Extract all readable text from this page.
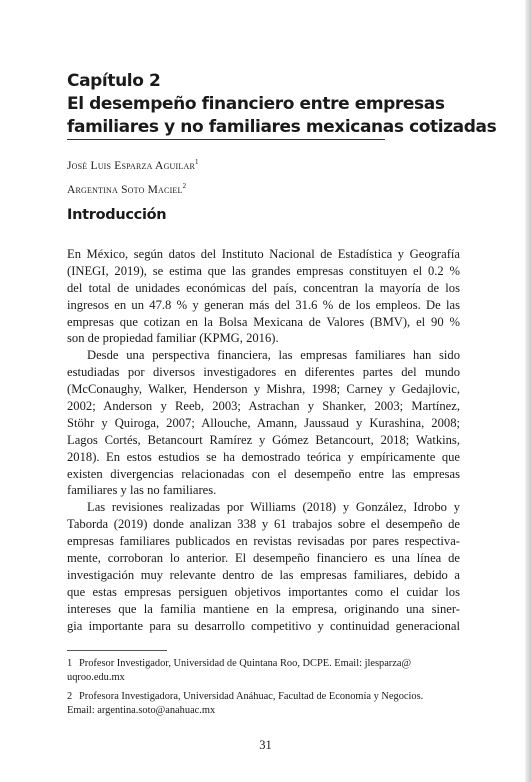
Capítulo 2
El desempeño financiero entre empresas
familiares y no familiares mexicanas cotizadas
José Luis Esparza Aguilar$^1$
Argentina Soto Maciel$^2$
Introducción
En México, según datos del Instituto Nacional de Estadística y Geografía
(INEGI, 2019), se estima que las grandes empresas constituyen el 0.2 %
del total de unidades económicas del país, concentran la mayoría de los
ingresos en un 47.8 % y generan más del 31.6 % de los empleos. De las
empresas que cotizan en la Bolsa Mexicana de Valores (BMV), el 90 %
son de propiedad familiar (KPMG, 2016).
Desde una perspectiva financiera, las empresas familiares han sido
estudiadas por diversos investigadores en diferentes partes del mundo
(McConaughy, Walker, Henderson y Mishra, 1998; Carney y Gedajlovic,
2002; Anderson y Reeb, 2003; Astrachan y Shanker, 2003; Martínez,
Stöhr y Quiroga, 2007; Allouche, Amann, Jaussaud y Kurashina, 2008;
Lagos Cortés, Betancourt Ramírez y Gómez Betancourt, 2018; Watkins,
2018). En estos estudios se ha demostrado teórica y empíricamente que
existen divergencias relacionadas con el desempeño entre las empresas
familiares y las no familiares.
Las revisiones realizadas por Williams (2018) y González, Idrobo y
Taborda (2019) donde analizan 338 y 61 trabajos sobre el desempeño de
empresas familiares publicados en revistas revisadas por pares respectiva-
mente, corroboran lo anterior. El desempeño financiero es una línea de
investigación muy relevante dentro de las empresas familiares, debido a
que estas empresas persiguen objetivos importantes como el cuidar los
intereses que la familia mantiene en la empresa, originando una siner-
gia importante para su desarrollo competitivo y continuidad generacional
1 Profesor Investigador, Universidad de Quintana Roo, DCPE. Email: jlesparza@
uqroo.edu.mx
2 Profesora Investigadora, Universidad Anáhuac, Facultad de Economía y Negocios.
Email: argentina.soto@anahuac.mx
31
